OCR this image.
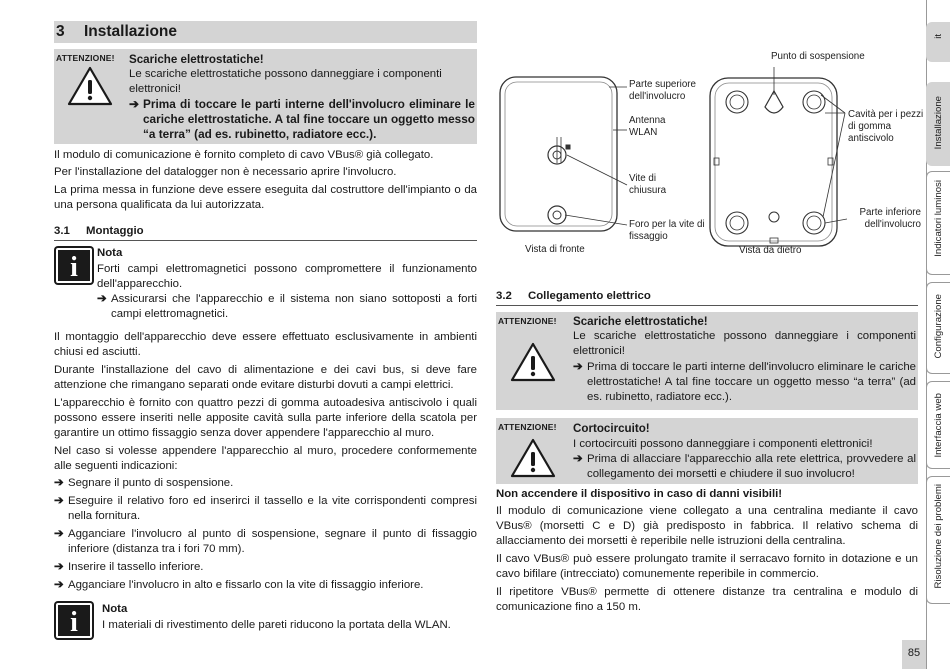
3 Installazione
ATTENZIONE! Scariche elettrostatiche!
Le scariche elettrostatiche possono danneggiare i componenti elettronici!
➔ Prima di toccare le parti interne dell'involucro eliminare le cariche elettrostatiche. A tal fine toccare un oggetto messo “a terra” (ad es. rubinetto, radiatore ecc.).
Il modulo di comunicazione è fornito completo di cavo VBus® già collegato.
Per l'installazione del datalogger non è necessario aprire l'involucro.
La prima messa in funzione deve essere eseguita dal costruttore dell'impianto o da una persona qualificata da lui autorizzata.
3.1 Montaggio
i	Nota
Forti campi elettromagnetici possono compromettere il funzionamento dell'apparecchio.
➔ Assicurarsi che l'apparecchio e il sistema non siano sottoposti a forti campi elettromagnetici.
Il montaggio dell'apparecchio deve essere effettuato esclusivamente in ambienti chiusi ed asciutti.
Durante l'installazione del cavo di alimentazione e dei cavi bus, si deve fare attenzione che rimangano separati onde evitare disturbi dovuti a campi elettrici.
L'apparecchio è fornito con quattro pezzi di gomma autoadesiva antiscivolo i quali possono essere inseriti nelle apposite cavità sulla parte inferiore della scatola per garantire un ottimo fissaggio senza dover appendere l'apparecchio al muro.
Nel caso si volesse appendere l'apparecchio al muro, procedere conformemente alle seguenti indicazioni:
➔ Segnare il punto di sospensione.
➔ Eseguire il relativo foro ed inserirci il tassello e la vite corrispondenti compresi nella fornitura.
➔ Agganciare l'involucro al punto di sospensione, segnare il punto di fissaggio inferiore (distanza tra i fori 70 mm).
➔ Inserire il tassello inferiore.
➔ Agganciare l'involucro in alto e fissarlo con la vite di fissaggio inferiore.
i	Nota
I materiali di rivestimento delle pareti riducono la portata della WLAN.
Parte superiore dell'involucro
Antenna WLAN
Vite di chiusura
Foro per la vite di fissaggio
Vista di fronte
Punto di sospensione
Cavità per i pezzi di gomma antiscivolo
Parte inferiore dell'involucro
Vista da dietro
3.2 Collegamento elettrico
ATTENZIONE! Scariche elettrostatiche!
Le scariche elettrostatiche possono danneggiare i componenti elettronici!
➔ Prima di toccare le parti interne dell'involucro eliminare le cariche elettrostatiche! A tal fine toccare un oggetto messo “a terra” (ad es. rubinetto, radiatore ecc.).
ATTENZIONE! Cortocircuito!
I cortocircuiti possono danneggiare i componenti elettronici!
➔ Prima di allacciare l'apparecchio alla rete elettrica, provvedere al collegamento dei morsetti e chiudere il suo involucro!
Non accendere il dispositivo in caso di danni visibili!
Il modulo di comunicazione viene collegato a una centralina mediante il cavo VBus® (morsetti C e D) già predisposto in fabbrica. Il relativo schema di allacciamento dei morsetti è reperibile nelle istruzioni della centralina.
Il cavo VBus® può essere prolungato tramite il serracavo fornito in dotazione e un cavo bifilare (intrecciato) comunemente reperibile in commercio.
Il ripetitore VBus® permette di ottenere distanze tra centralina e modulo di comunicazione fino a 150 m.
it
Installazione
Indicatori luminosi
Configurazione
Interfaccia web
Risoluzione dei problemi
85
